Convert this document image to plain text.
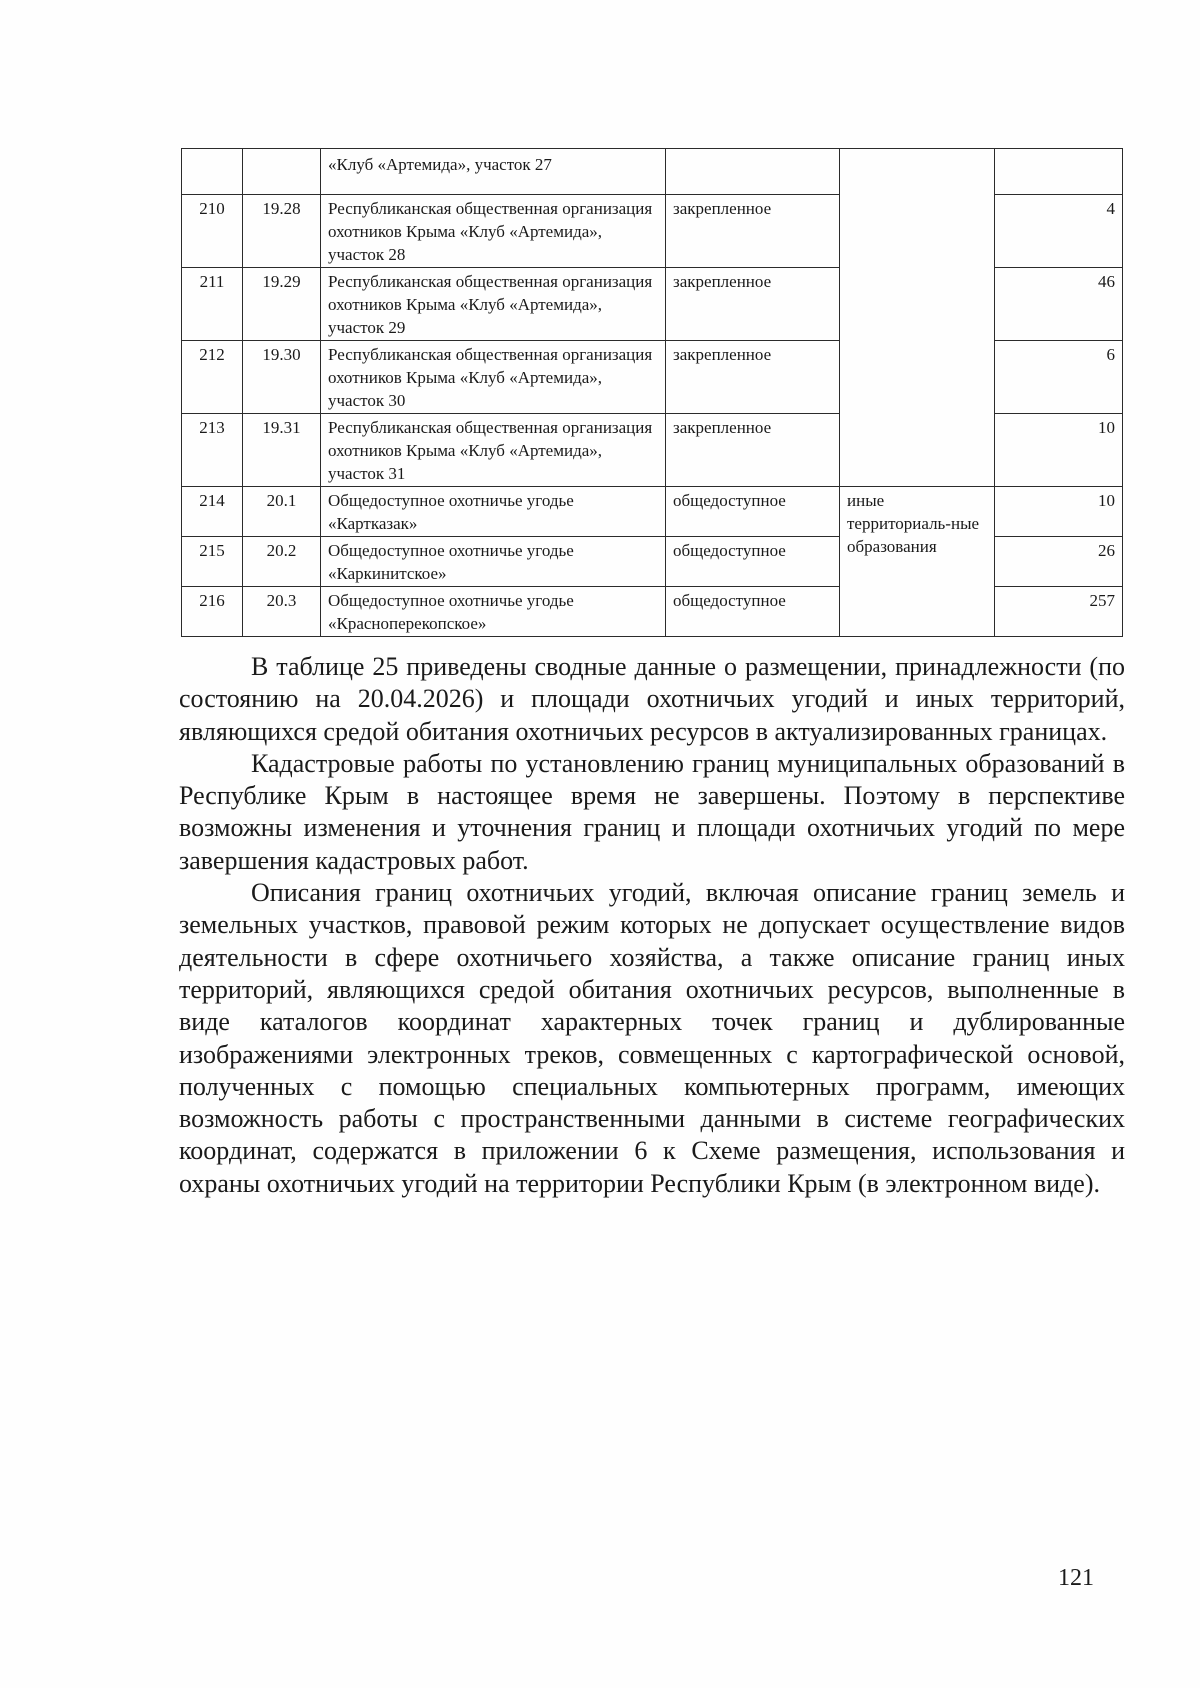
		«Клуб «Артемида», участок 27			
210	19.28	Республиканская общественная организация охотников Крыма «Клуб «Артемида», участок 28	закрепленное		4
211	19.29	Республиканская общественная организация охотников Крыма «Клуб «Артемида», участок 29	закрепленное		46
212	19.30	Республиканская общественная организация охотников Крыма «Клуб «Артемида», участок 30	закрепленное		6
213	19.31	Республиканская общественная организация охотников Крыма «Клуб «Артемида», участок 31	закрепленное		10
214	20.1	Общедоступное охотничье угодье «Картказак»	общедоступное	иные территориаль-ные образования	10
215	20.2	Общедоступное охотничье угодье «Каркинитское»	общедоступное		26
216	20.3	Общедоступное охотничье угодье «Красноперекопское»	общедоступное		257

В таблице 25 приведены сводные данные о размещении, принадлежности (по состоянию на 20.04.2026) и площади охотничьих угодий и иных территорий, являющихся средой обитания охотничьих ресурсов в актуализированных границах.

Кадастровые работы по установлению границ муниципальных образований в Республике Крым в настоящее время не завершены. Поэтому в перспективе возможны изменения и уточнения границ и площади охотничьих угодий по мере завершения кадастровых работ.

Описания границ охотничьих угодий, включая описание границ земель и земельных участков, правовой режим которых не допускает осуществление видов деятельности в сфере охотничьего хозяйства, а также описание границ иных территорий, являющихся средой обитания охотничьих ресурсов, выполненные в виде каталогов координат характерных точек границ и дублированные изображениями электронных треков, совмещенных с картографической основой, полученных с помощью специальных компьютерных программ, имеющих возможность работы с пространственными данными в системе географических координат, содержатся в приложении 6 к Схеме размещения, использования и охраны охотничьих угодий на территории Республики Крым (в электронном виде).

121
